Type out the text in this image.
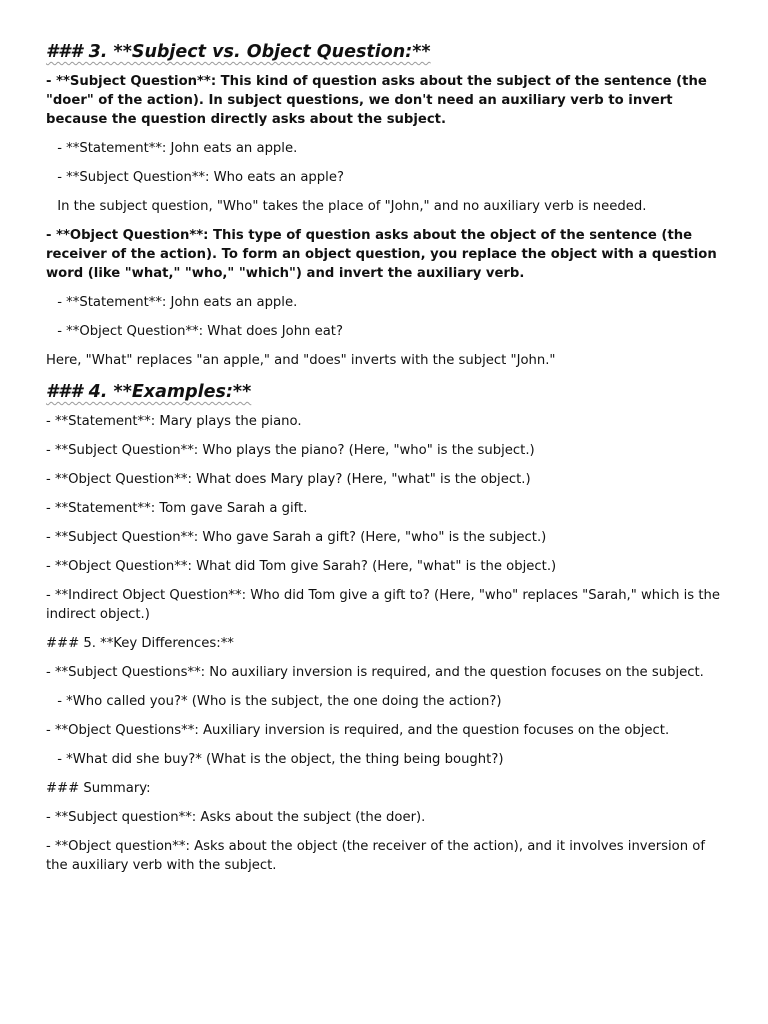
### 3. **Subject vs. Object Question:**

- **Subject Question**: This kind of question asks about the subject of the sentence (the "doer" of the action). In subject questions, we don't need an auxiliary verb to invert because the question directly asks about the subject.

- **Statement**: John eats an apple.

- **Subject Question**: Who eats an apple?

In the subject question, "Who" takes the place of "John," and no auxiliary verb is needed.

- **Object Question**: This type of question asks about the object of the sentence (the receiver of the action). To form an object question, you replace the object with a question word (like "what," "who," "which") and invert the auxiliary verb.

- **Statement**: John eats an apple.

- **Object Question**: What does John eat?

Here, "What" replaces "an apple," and "does" inverts with the subject "John."

### 4. **Examples:**

- **Statement**: Mary plays the piano.

- **Subject Question**: Who plays the piano? (Here, "who" is the subject.)

- **Object Question**: What does Mary play? (Here, "what" is the object.)

- **Statement**: Tom gave Sarah a gift.

- **Subject Question**: Who gave Sarah a gift? (Here, "who" is the subject.)

- **Object Question**: What did Tom give Sarah? (Here, "what" is the object.)

- **Indirect Object Question**: Who did Tom give a gift to? (Here, "who" replaces "Sarah," which is the indirect object.)

### 5. **Key Differences:**

- **Subject Questions**: No auxiliary inversion is required, and the question focuses on the subject.

- *Who called you?* (Who is the subject, the one doing the action?)

- **Object Questions**: Auxiliary inversion is required, and the question focuses on the object.

- *What did she buy?* (What is the object, the thing being bought?)

### Summary:

- **Subject question**: Asks about the subject (the doer).

- **Object question**: Asks about the object (the receiver of the action), and it involves inversion of the auxiliary verb with the subject.
